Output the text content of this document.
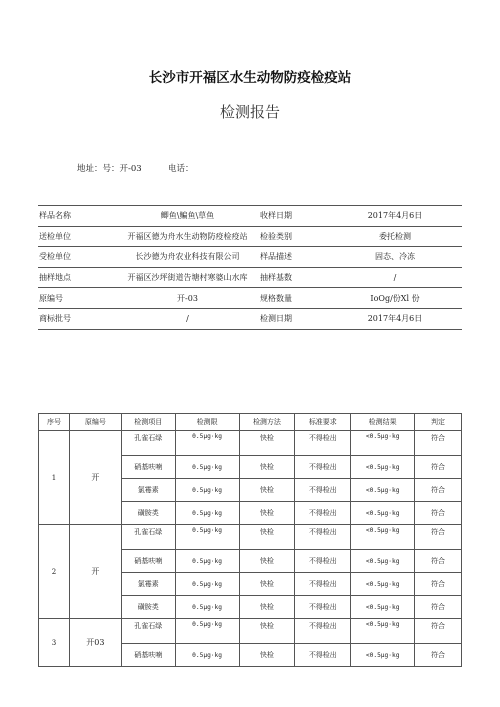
长沙市开福区水生动物防疫检疫站
检测报告
地址：号：开-03	电话：
样品名称	鲫鱼\鳊鱼\草鱼	收样日期	2017年4月6日
送检单位	开福区德为舟水生动物防疫检疫站	检验类别	委托检测
受检单位	长沙德为舟农业科技有限公司	样品描述	固态、冷冻
抽样地点	开福区沙坪街道告塘村寒婆山水库	抽样基数	/
原编号	开-03	规格数量	IoOg/份Xl 份
商标批号	/	检测日期	2017年4月6日
序号	原编号	检测项目	检测限	检测方法	标准要求	检测结果	判定
1	开	孔雀石绿	0.5μg·kg	快检	不得检出	<0.5μg·kg	符合
		硝基呋喃	0.5μg·kg	快检	不得检出	<0.5μg·kg	符合
		氯霉素	0.5μg·kg	快检	不得检出	<0.5μg·kg	符合
		磺胺类	0.5μg·kg	快检	不得检出	<0.5μg·kg	符合
2	开	孔雀石绿	0.5μg·kg	快检	不得检出	<0.5μg·kg	符合
		硝基呋喃	0.5μg·kg	快检	不得检出	<0.5μg·kg	符合
		氯霉素	0.5μg·kg	快检	不得检出	<0.5μg·kg	符合
		磺胺类	0.5μg·kg	快检	不得检出	<0.5μg·kg	符合
3	开03	孔雀石绿	0.5μg·kg	快检	不得检出	<0.5μg·kg	符合
		硝基呋喃	0.5μg·kg	快检	不得检出	<0.5μg·kg	符合
